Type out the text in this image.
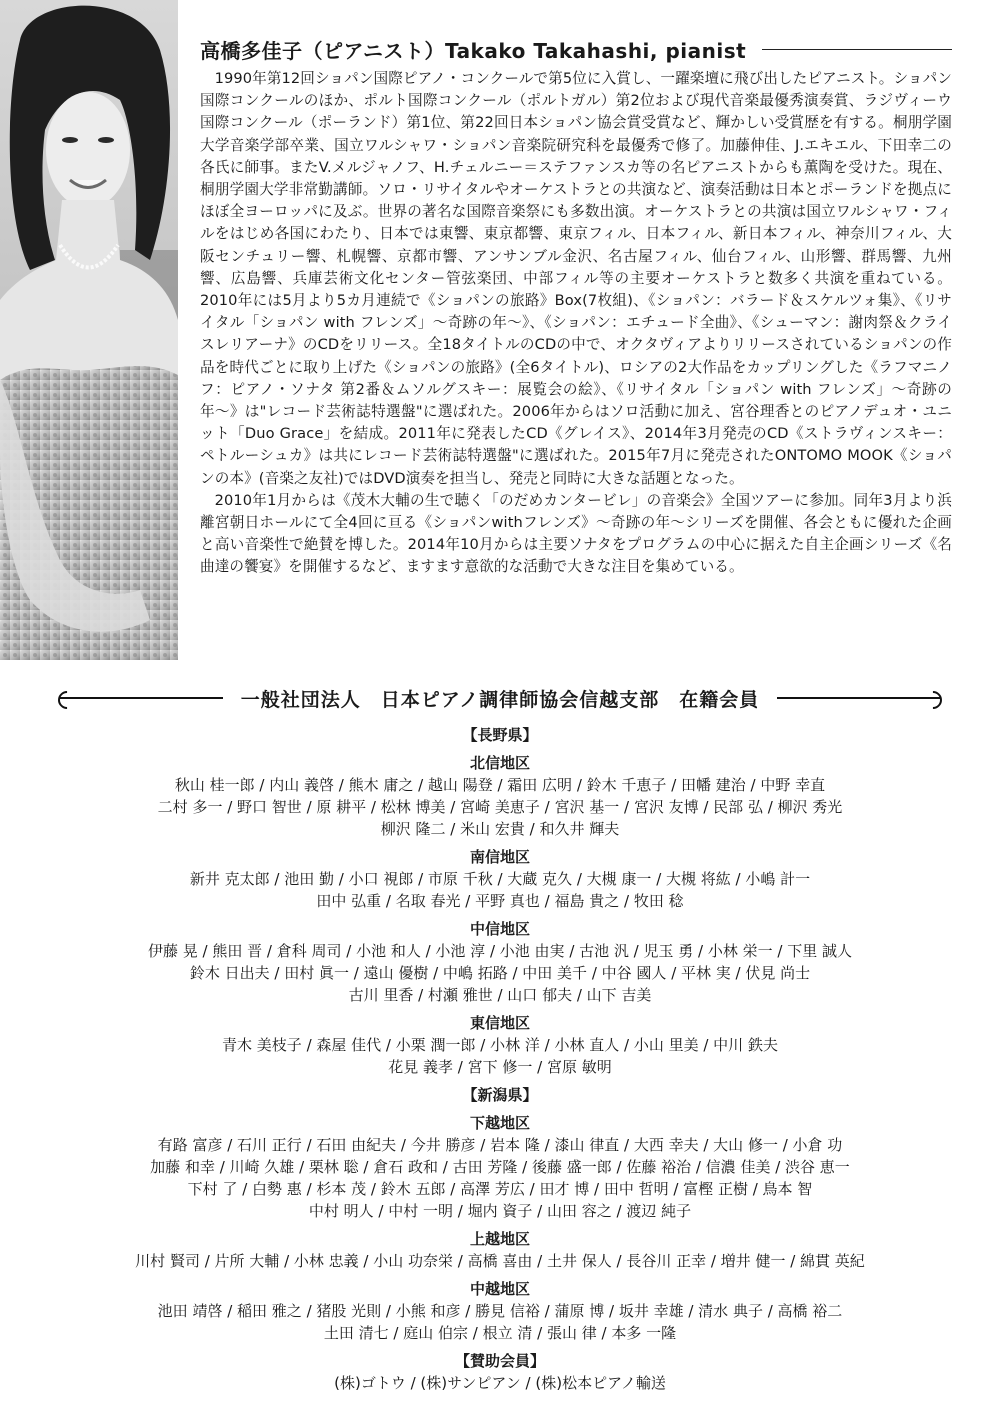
高橋多佳子（ピアニスト）Takako Takahashi, pianist

1990年第12回ショパン国際ピアノ・コンクールで第5位に入賞し、一躍楽壇に飛び出したピアニスト。ショパン国際コンクールのほか、ポルト国際コンクール（ポルトガル）第2位および現代音楽最優秀演奏賞、ラジヴィーウ国際コンクール（ポーランド）第1位、第22回日本ショパン協会賞受賞など、輝かしい受賞歴を有する。桐朋学園大学音楽学部卒業、国立ワルシャワ・ショパン音楽院研究科を最優秀で修了。加藤伸佳、J.エキエル、下田幸二の各氏に師事。またV.メルジャノフ、H.チェルニー＝ステファンスカ等の名ピアニストからも薫陶を受けた。現在、桐朋学園大学非常勤講師。ソロ・リサイタルやオーケストラとの共演など、演奏活動は日本とポーランドを拠点にほぼ全ヨーロッパに及ぶ。世界の著名な国際音楽祭にも多数出演。オーケストラとの共演は国立ワルシャワ・フィルをはじめ各国にわたり、日本では東響、東京都響、東京フィル、日本フィル、新日本フィル、神奈川フィル、大阪センチュリー響、札幌響、京都市響、アンサンブル金沢、名古屋フィル、仙台フィル、山形響、群馬響、九州響、広島響、兵庫芸術文化センター管弦楽団、中部フィル等の主要オーケストラと数多く共演を重ねている。2010年には5月より5カ月連続で《ショパンの旅路》Box(7枚組)、《ショパン：バラード＆スケルツォ集》、《リサイタル「ショパン with フレンズ」〜奇跡の年〜》、《ショパン：エチュード全曲》、《シューマン：謝肉祭＆クライスレリアーナ》のCDをリリース。全18タイトルのCDの中で、オクタヴィアよりリリースされているショパンの作品を時代ごとに取り上げた《ショパンの旅路》(全6タイトル)、ロシアの2大作品をカップリングした《ラフマニノフ：ピアノ・ソナタ 第2番＆ムソルグスキー：展覧会の絵》、《リサイタル「ショパン with フレンズ」〜奇跡の年〜》は"レコード芸術誌特選盤"に選ばれた。2006年からはソロ活動に加え、宮谷理香とのピアノデュオ・ユニット「Duo Grace」を結成。2011年に発表したCD《グレイス》、2014年3月発売のCD《ストラヴィンスキー：ペトルーシュカ》は共にレコード芸術誌特選盤"に選ばれた。2015年7月に発売されたONTOMO MOOK《ショパンの本》(音楽之友社)ではDVD演奏を担当し、発売と同時に大きな話題となった。

2010年1月からは《茂木大輔の生で聴く「のだめカンタービレ」の音楽会》全国ツアーに参加。同年3月より浜離宮朝日ホールにて全4回に亘る《ショパンwithフレンズ》〜奇跡の年〜シリーズを開催、各会ともに優れた企画と高い音楽性で絶賛を博した。2014年10月からは主要ソナタをプログラムの中心に据えた自主企画シリーズ《名曲達の饗宴》を開催するなど、ますます意欲的な活動で大きな注目を集めている。

一般社団法人　日本ピアノ調律師協会信越支部　在籍会員
【長野県】
北信地区
秋山 桂一郎 / 内山 義啓 / 熊木 庸之 / 越山 陽登 / 霜田 広明 / 鈴木 千恵子 / 田幡 建治 / 中野 幸直
二村 多一 / 野口 智世 / 原 耕平 / 松林 博美 / 宮崎 美恵子 / 宮沢 基一 / 宮沢 友博 / 民部 弘 / 柳沢 秀光
柳沢 隆二 / 米山 宏貴 / 和久井 輝夫
南信地区
新井 克太郎 / 池田 勤 / 小口 視郎 / 市原 千秋 / 大蔵 克久 / 大槻 康一 / 大槻 将紘 / 小嶋 計一
田中 弘重 / 名取 春光 / 平野 真也 / 福島 貴之 / 牧田 稔
中信地区
伊藤 晃 / 熊田 晋 / 倉科 周司 / 小池 和人 / 小池 淳 / 小池 由実 / 古池 汎 / 児玉 勇 / 小林 栄一 / 下里 誠人
鈴木 日出夫 / 田村 眞一 / 遠山 優樹 / 中嶋 拓路 / 中田 美千 / 中谷 國人 / 平林 実 / 伏見 尚士
古川 里香 / 村瀬 雅世 / 山口 郁夫 / 山下 吉美
東信地区
青木 美枝子 / 森屋 佳代 / 小栗 潤一郎 / 小林 洋 / 小林 直人 / 小山 里美 / 中川 鉄夫
花見 義孝 / 宮下 修一 / 宮原 敏明
【新潟県】
下越地区
有路 富彦 / 石川 正行 / 石田 由紀夫 / 今井 勝彦 / 岩本 隆 / 漆山 律直 / 大西 幸夫 / 大山 修一 / 小倉 功
加藤 和幸 / 川崎 久雄 / 栗林 聡 / 倉石 政和 / 古田 芳隆 / 後藤 盛一郎 / 佐藤 裕治 / 信濃 佳美 / 渋谷 恵一
下村 了 / 白勢 惠 / 杉本 茂 / 鈴木 五郎 / 高澤 芳広 / 田才 博 / 田中 哲明 / 富樫 正樹 / 鳥本 智
中村 明人 / 中村 一明 / 堀内 資子 / 山田 容之 / 渡辺 純子
上越地区
川村 賢司 / 片所 大輔 / 小林 忠義 / 小山 功奈栄 / 高橋 喜由 / 土井 保人 / 長谷川 正幸 / 増井 健一 / 綿貫 英紀
中越地区
池田 靖啓 / 稲田 雅之 / 猪股 光則 / 小熊 和彦 / 勝見 信裕 / 蒲原 博 / 坂井 幸雄 / 清水 典子 / 高橋 裕二
土田 清七 / 庭山 伯宗 / 根立 清 / 張山 律 / 本多 一隆
【賛助会員】
(株)ゴトウ / (株)サンピアン / (株)松本ピアノ輸送
